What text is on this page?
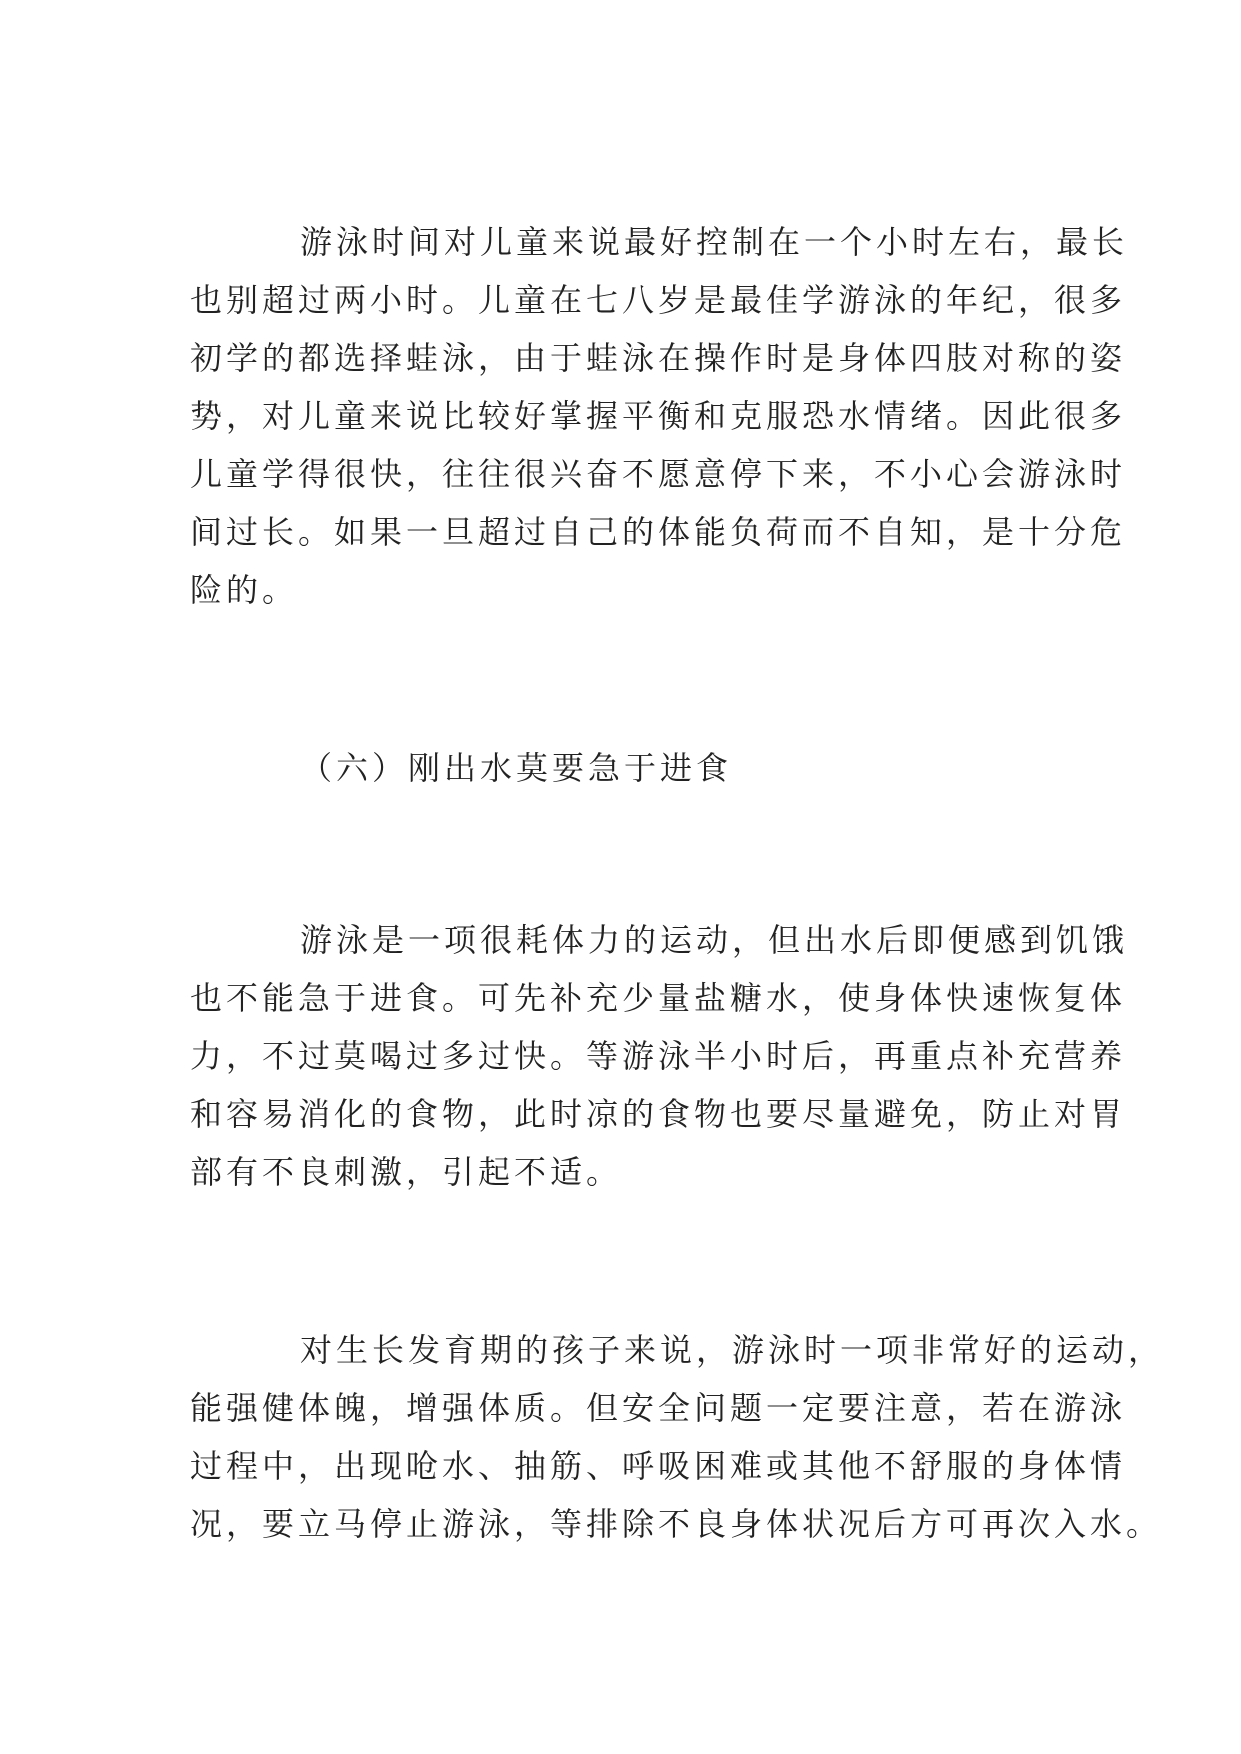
游泳时间对儿童来说最好控制在一个小时左右，最长
也别超过两小时。儿童在七八岁是最佳学游泳的年纪，很多
初学的都选择蛙泳，由于蛙泳在操作时是身体四肢对称的姿
势，对儿童来说比较好掌握平衡和克服恐水情绪。因此很多
儿童学得很快，往往很兴奋不愿意停下来，不小心会游泳时
间过长。如果一旦超过自己的体能负荷而不自知，是十分危
险的。
（六）刚出水莫要急于进食
游泳是一项很耗体力的运动，但出水后即便感到饥饿
也不能急于进食。可先补充少量盐糖水，使身体快速恢复体
力，不过莫喝过多过快。等游泳半小时后，再重点补充营养
和容易消化的食物，此时凉的食物也要尽量避免，防止对胃
部有不良刺激，引起不适。
对生长发育期的孩子来说，游泳时一项非常好的运动，
能强健体魄，增强体质。但安全问题一定要注意，若在游泳
过程中，出现呛水、抽筋、呼吸困难或其他不舒服的身体情
况，要立马停止游泳，等排除不良身体状况后方可再次入水。
